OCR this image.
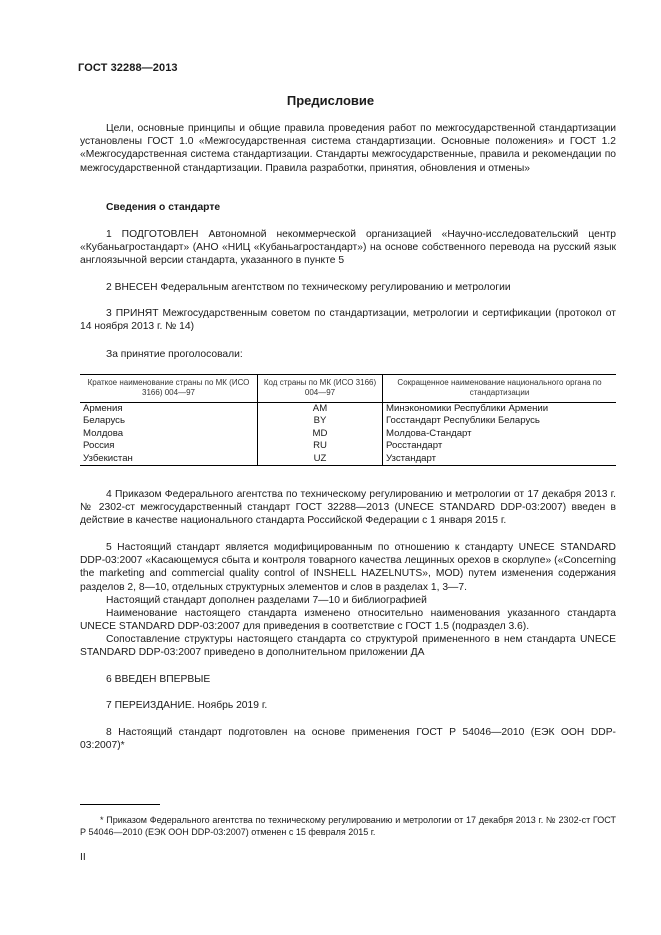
ГОСТ 32288—2013
Предисловие

Цели, основные принципы и общие правила проведения работ по межгосударственной стандартизации установлены ГОСТ 1.0 «Межгосударственная система стандартизации. Основные положения» и ГОСТ 1.2 «Межгосударственная система стандартизации. Стандарты межгосударственные, правила и рекомендации по межгосударственной стандартизации. Правила разработки, принятия, обновления и отмены»

Сведения о стандарте

1 ПОДГОТОВЛЕН Автономной некоммерческой организацией «Научно-исследовательский центр «Кубаньагростандарт» (АНО «НИЦ «Кубаньагростандарт») на основе собственного перевода на русский язык англоязычной версии стандарта, указанного в пункте 5

2 ВНЕСЕН Федеральным агентством по техническому регулированию и метрологии

3 ПРИНЯТ Межгосударственным советом по стандартизации, метрологии и сертификации (протокол от 14 ноября 2013 г. № 14)

За принятие проголосовали:

Краткое наименование страны по МК (ИСО 3166) 004—97	Код страны по МК (ИСО 3166) 004—97	Сокращенное наименование национального органа по стандартизации
Армения	AM	Минэкономики Республики Армении
Беларусь	BY	Госстандарт Республики Беларусь
Молдова	MD	Молдова-Стандарт
Россия	RU	Росстандарт
Узбекистан	UZ	Узстандарт

4 Приказом Федерального агентства по техническому регулированию и метрологии от 17 декабря 2013 г. № 2302-ст межгосударственный стандарт ГОСТ 32288—2013 (UNECE STANDARD DDP-03:2007) введен в действие в качестве национального стандарта Российской Федерации с 1 января 2015 г.

5 Настоящий стандарт является модифицированным по отношению к стандарту UNECE STANDARD DDP-03:2007 «Касающемуся сбыта и контроля товарного качества лещинных орехов в скорлупе» («Concerning the marketing and commercial quality control of INSHELL HAZELNUTS», MOD) путем изменения содержания разделов 2, 8—10, отдельных структурных элементов и слов в разделах 1, 3—7.

Настоящий стандарт дополнен разделами 7—10 и библиографией

Наименование настоящего стандарта изменено относительно наименования указанного стандарта UNECE STANDARD DDP-03:2007 для приведения в соответствие с ГОСТ 1.5 (подраздел 3.6).

Сопоставление структуры настоящего стандарта со структурой примененного в нем стандарта UNECE STANDARD DDP-03:2007 приведено в дополнительном приложении ДА

6 ВВЕДЕН ВПЕРВЫЕ

7 ПЕРЕИЗДАНИЕ. Ноябрь 2019 г.

8 Настоящий стандарт подготовлен на основе применения ГОСТ Р 54046—2010 (ЕЭК ООН DDP-03:2007)*

* Приказом Федерального агентства по техническому регулированию и метрологии от 17 декабря 2013 г. № 2302-ст ГОСТ Р 54046—2010 (ЕЭК ООН DDP-03:2007) отменен с 15 февраля 2015 г.
II
